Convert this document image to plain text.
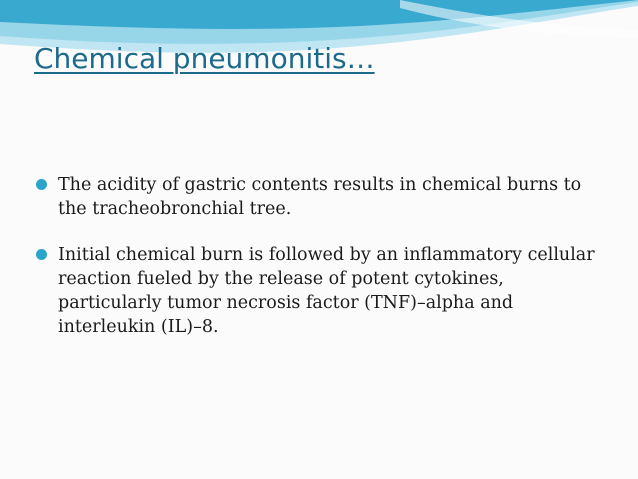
Chemical pneumonitis…
The acidity of gastric contents results in chemical burns to the tracheobronchial tree.
Initial chemical burn is followed by an inflammatory cellular reaction fueled by the release of potent cytokines, particularly tumor necrosis factor (TNF)–alpha and interleukin (IL)–8.
